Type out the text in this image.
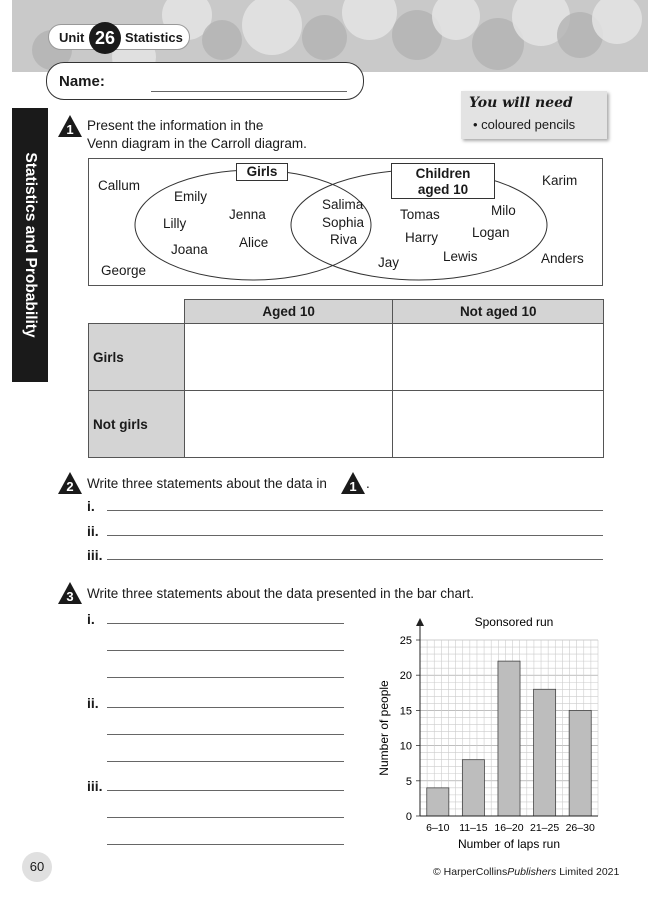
Unit 26 Statistics
Name:
You will need
• coloured pencils
Statistics and Probability
1 Present the information in the
Venn diagram in the Carroll diagram.
Girls	Children
aged 10
Callum
George
Karim
Anders
Emily
Jenna
Lilly
Alice
Joana
Salima
Sophia
Riva
Tomas	Milo
Harry	Logan
Lewis
Jay
	Aged 10	Not aged 10
Girls		
Not girls		
2 Write three statements about the data in 1 .
i.
ii.
iii.
3 Write three statements about the data presented in the bar chart.
i.
ii.
iii.
6–10 11–15 16–20 21–25 26–30
0
5
10
15
20
25
Sponsored run
Number of laps run
Number of people
60	© HarperCollinsPublishers Limited 2021
